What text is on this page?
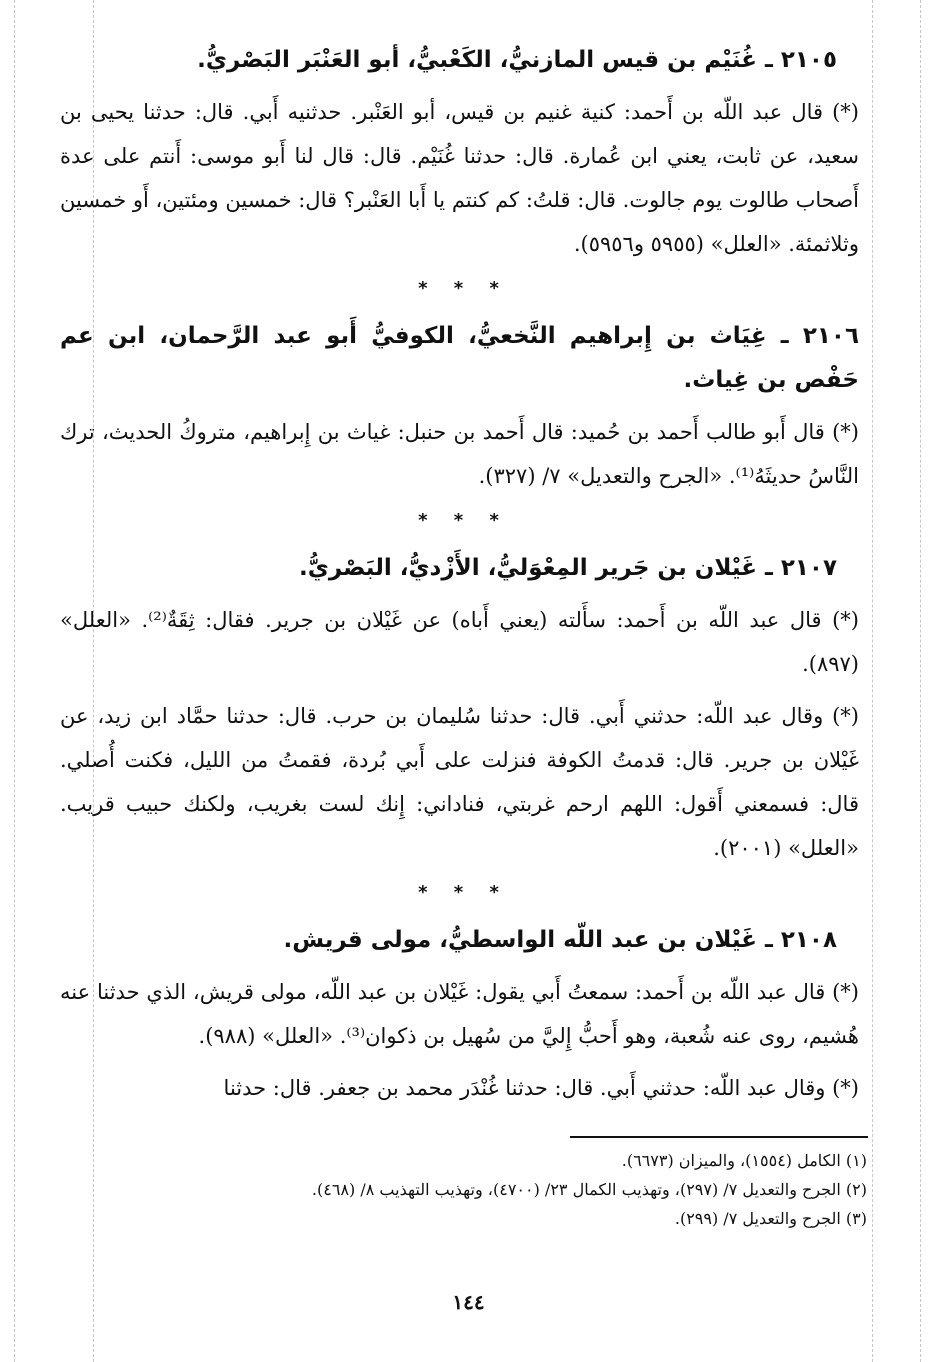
٢١٠٥ ـ غُنَيْم بن قيس المازنيُّ، الكَعْبيُّ، أبو العَنْبَر البَصْريُّ.

(*) قال عبد اللّه بن أَحمد: كنية غنيم بن قيس، أبو العَنْبر. حدثنيه أَبي. قال: حدثنا يحيى بن سعيد، عن ثابت، يعني ابن عُمارة. قال: حدثنا غُنَيْم. قال: قال لنا أَبو موسى: أَنتم على عدة أَصحاب طالوت يوم جالوت. قال: قلتُ: كم كنتم يا أَبا العَنْبر؟ قال: خمسين ومئتين، أَو خمسين وثلاثمئة. «العلل» (٥٩٥٥ و٥٩٥٦).

* * *
٢١٠٦ ـ غِيَاث بن إِبراهيم النَّخعيُّ، الكوفيُّ أَبو عبد الرَّحمان، ابن عم حَفْص بن غِياث.

(*) قال أَبو طالب أَحمد بن حُميد: قال أَحمد بن حنبل: غياث بن إِبراهيم، متروكُ الحديث، ترك النَّاسُ حديثَهُ⁽¹⁾. «الجرح والتعديل» ٧/ (٣٢٧).

* * *
٢١٠٧ ـ غَيْلان بن جَرير المِعْوَليُّ، الأَزْديُّ، البَصْريُّ.

(*) قال عبد اللّه بن أَحمد: سأَلته (يعني أَباه) عن غَيْلان بن جرير. فقال: ثِقَةٌ⁽²⁾. «العلل» (٨٩٧).

(*) وقال عبد اللّه: حدثني أَبي. قال: حدثنا سُليمان بن حرب. قال: حدثنا حمَّاد ابن زيد، عن غَيْلان بن جرير. قال: قدمتُ الكوفة فنزلت على أَبي بُردة، فقمتُ من الليل، فكنت أُصلي. قال: فسمعني أَقول: اللهم ارحم غربتي، فناداني: إِنك لست بغريب، ولكنك حبيب قريب. «العلل» (٢٠٠١).

* * *
٢١٠٨ ـ غَيْلان بن عبد اللّه الواسطيُّ، مولى قريش.

(*) قال عبد اللّه بن أَحمد: سمعتُ أَبي يقول: غَيْلان بن عبد اللّه، مولى قريش، الذي حدثنا عنه هُشيم، روى عنه شُعبة، وهو أَحبُّ إِليَّ من سُهيل بن ذكوان⁽³⁾. «العلل» (٩٨٨).

(*) وقال عبد اللّه: حدثني أَبي. قال: حدثنا غُنْدَر محمد بن جعفر. قال: حدثنا

(١) الكامل (١٥٥٤)، والميزان (٦٦٧٣).
(٢) الجرح والتعديل ٧/ (٢٩٧)، وتهذيب الكمال ٢٣/ (٤٧٠٠)، وتهذيب التهذيب ٨/ (٤٦٨).
(٣) الجرح والتعديل ٧/ (٢٩٩).
١٤٤
